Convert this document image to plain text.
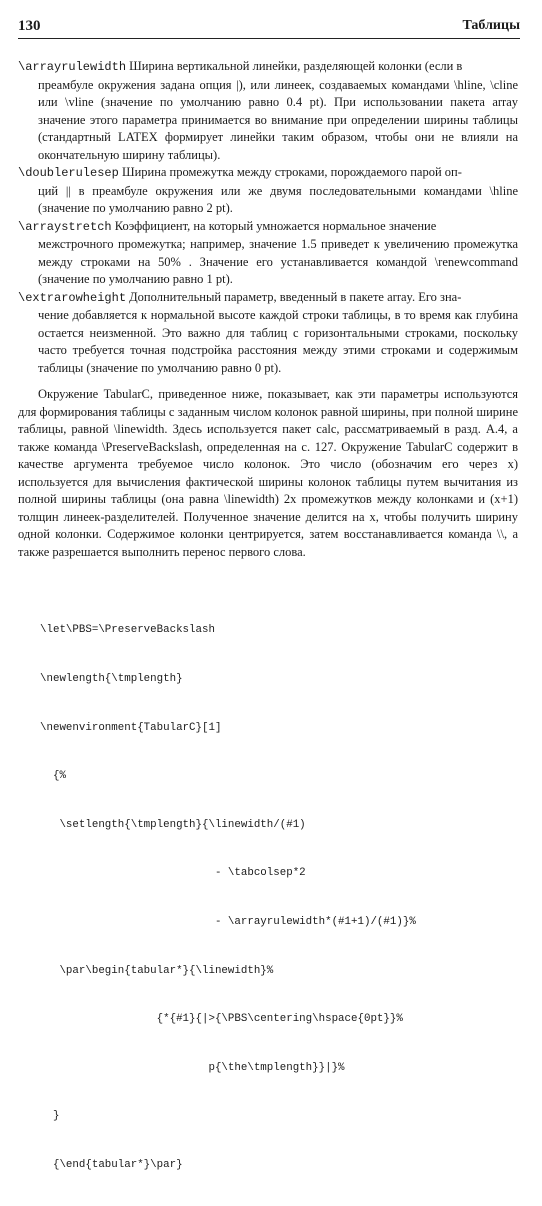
130	Таблицы

\arrayrulewidth Ширина вертикальной линейки, разделяющей колонки (если в
преамбуле окружения задана опция |), или линеек, создаваемых командами \hline, \cline или \vline (значение по умолчанию равно 0.4 pt). При использовании пакета array значение этого параметра принимается во внимание при определении ширины таблицы (стандартный LATEX формирует линейки таким образом, чтобы они не влияли на окончательную ширину таблицы).

\doublerulesep Ширина промежутка между строками, порождаемого парой оп-
ций || в преамбуле окружения или же двумя последовательными командами \hline (значение по умолчанию равно 2 pt).

\arraystretch Коэффициент, на который умножается нормальное значение
межстрочного промежутка; например, значение 1.5 приведет к увеличению промежутка между строками на 50% . Значение его устанавливается командой \renewcommand (значение по умолчанию равно 1 pt).

\extrarowheight Дополнительный параметр, введенный в пакете array. Его зна-
чение добавляется к нормальной высоте каждой строки таблицы, в то время как глубина остается неизменной. Это важно для таблиц с горизонтальными строками, поскольку часто требуется точная подстройка расстояния между этими строками и содержимым таблицы (значение по умолчанию равно 0 pt).

Окружение TabularC, приведенное ниже, показывает, как эти параметры используются для формирования таблицы с заданным числом колонок равной ширины, при полной ширине таблицы, равной \linewidth. Здесь используется пакет calc, рассматриваемый в разд. A.4, а также команда \PreserveBackslash, определенная на с. 127. Окружение TabularC содержит в качестве аргумента требуемое число колонок. Это число (обозначим его через x) используется для вычисления фактической ширины колонок таблицы путем вычитания из полной ширины таблицы (она равна \linewidth) 2x промежутков между колонками и (x+1) толщин линеек-разделителей. Полученное значение делится на x, чтобы получить ширину одной колонки. Содержимое колонки центрируется, затем восстанавливается команда \\, а также разрешается выполнить перенос первого слова.

\let\PBS=\PreserveBackslash

\newlength{\tmplength}

\newenvironment{TabularC}[1]

{%

\setlength{\tmplength}{\linewidth/(#1)

- \tabcolsep*2

- \arrayrulewidth*(#1+1)/(#1)}%

\par\begin{tabular*}{\linewidth}%

{*{#1}{|>{\PBS\centering\hspace{0pt}}%

p{\the\tmplength}}|}%

}

{\end{tabular*}\par}
